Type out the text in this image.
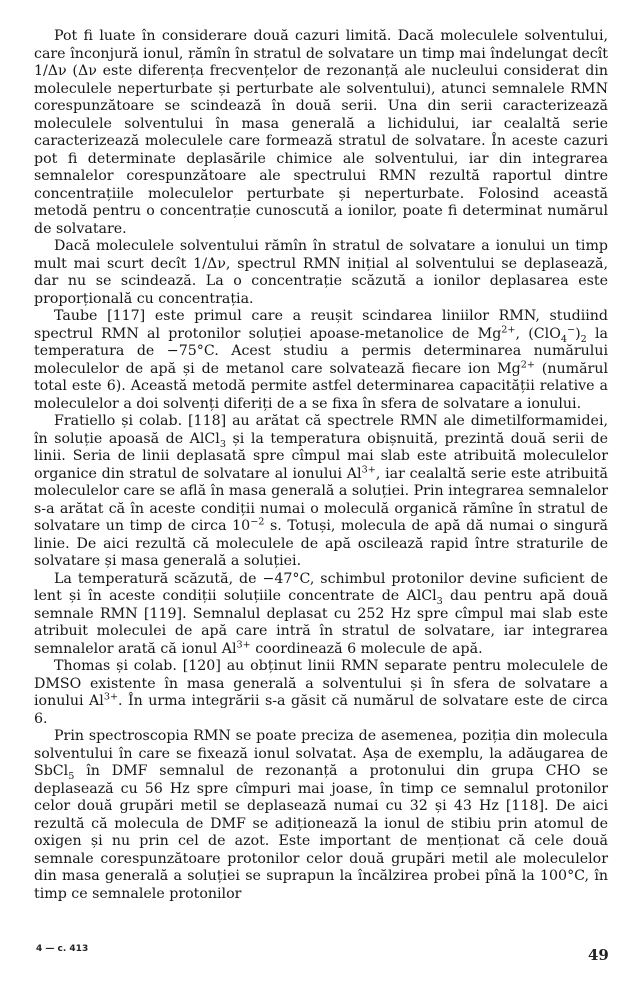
Pot fi luate în considerare două cazuri limită. Dacă moleculele solventului, care înconjură ionul, rămîn în stratul de solvatare un timp mai îndelungat decît 1/Δν (Δν este diferența frecvențelor de rezonanță ale nucleului considerat din moleculele neperturbate și perturbate ale solventului), atunci semnalele RMN corespunzătoare se scindează în două serii. Una din serii caracterizează moleculele solventului în masa generală a lichidului, iar cealaltă serie caracterizează moleculele care formează stratul de solvatare. În aceste cazuri pot fi determinate deplasările chimice ale solventului, iar din integrarea semnalelor corespunzătoare ale spectrului RMN rezultă raportul dintre concentrațiile moleculelor perturbate și neperturbate. Folosind această metodă pentru o concentrație cunoscută a ionilor, poate fi determinat numărul de solvatare.

Dacă moleculele solventului rămîn în stratul de solvatare a ionului un timp mult mai scurt decît 1/Δν, spectrul RMN inițial al solventului se deplasează, dar nu se scindează. La o concentrație scăzută a ionilor deplasarea este proporțională cu concentrația.

Taube [117] este primul care a reușit scindarea liniilor RMN, studiind spectrul RMN al protonilor soluției apoase-metanolice de $Mg^{2+}$, $(ClO_4^-)_2$ la temperatura de −75°C. Acest studiu a permis determinarea numărului moleculelor de apă și de metanol care solvatează fiecare ion $Mg^{2+}$ (numărul total este 6). Această metodă permite astfel determinarea capacității relative a moleculelor a doi solvenți diferiți de a se fixa în sfera de solvatare a ionului.

Fratiello și colab. [118] au arătat că spectrele RMN ale dimetilformamidei, în soluție apoasă de AlCl$_3$ și la temperatura obișnuită, prezintă două serii de linii. Seria de linii deplasată spre cîmpul mai slab este atribuită moleculelor organice din stratul de solvatare al ionului $Al^{3+}$, iar cealaltă serie este atribuită moleculelor care se află în masa generală a soluției. Prin integrarea semnalelor s-a arătat că în aceste condiții numai o moleculă organică rămîne în stratul de solvatare un timp de circa $10^{-2}$ s. Totuși, molecula de apă dă numai o singură linie. De aici rezultă că moleculele de apă oscilează rapid între straturile de solvatare și masa generală a soluției.

La temperatură scăzută, de −47°C, schimbul protonilor devine suficient de lent și în aceste condiții soluțiile concentrate de AlCl$_3$ dau pentru apă două semnale RMN [119]. Semnalul deplasat cu 252 Hz spre cîmpul mai slab este atribuit moleculei de apă care intră în stratul de solvatare, iar integrarea semnalelor arată că ionul $Al^{3+}$ coordinează 6 molecule de apă.

Thomas și colab. [120] au obținut linii RMN separate pentru moleculele de DMSO existente în masa generală a solventului și în sfera de solvatare a ionului $Al^{3+}$. În urma integrării s-a găsit că numărul de solvatare este de circa 6.

Prin spectroscopia RMN se poate preciza de asemenea, poziția din molecula solventului în care se fixează ionul solvatat. Așa de exemplu, la adăugarea de SbCl$_5$ în DMF semnalul de rezonanță a protonului din grupa CHO se deplasează cu 56 Hz spre cîmpuri mai joase, în timp ce semnalul protonilor celor două grupări metil se deplasează numai cu 32 și 43 Hz [118]. De aici rezultă că molecula de DMF se adiționează la ionul de stibiu prin atomul de oxigen și nu prin cel de azot. Este important de menționat că cele două semnale corespunzătoare protonilor celor două grupări metil ale moleculelor din masa generală a soluției se suprapun la încălzirea probei pînă la 100°C, în timp ce semnalele protonilor

4 — c. 413	49
